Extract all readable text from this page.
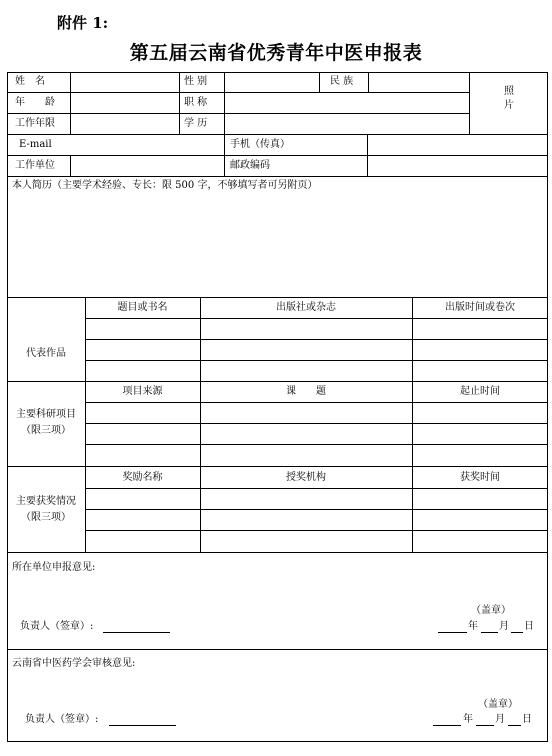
附件 1:
第五届云南省优秀青年中医申报表
姓　名	性 别	民 族
照
片
年　　龄	职 称
工作年限	学 历
E-mail	手机（传真）
工作单位	邮政编码
本人简历（主要学术经验、专长：限 500 字，不够填写者可另附页）
代表作品
题目或书名	出版社或杂志	出版时间或卷次
主要科研项目
（限三项）
项目来源	课　　题	起止时间
主要获奖情况
（限三项）
奖励名称	授奖机构	获奖时间
所在单位申报意见:
（盖章）
负责人（签章）:	年 月 日
云南省中医药学会审核意见:
（盖章）
负责人（签章）:	年 月 日
